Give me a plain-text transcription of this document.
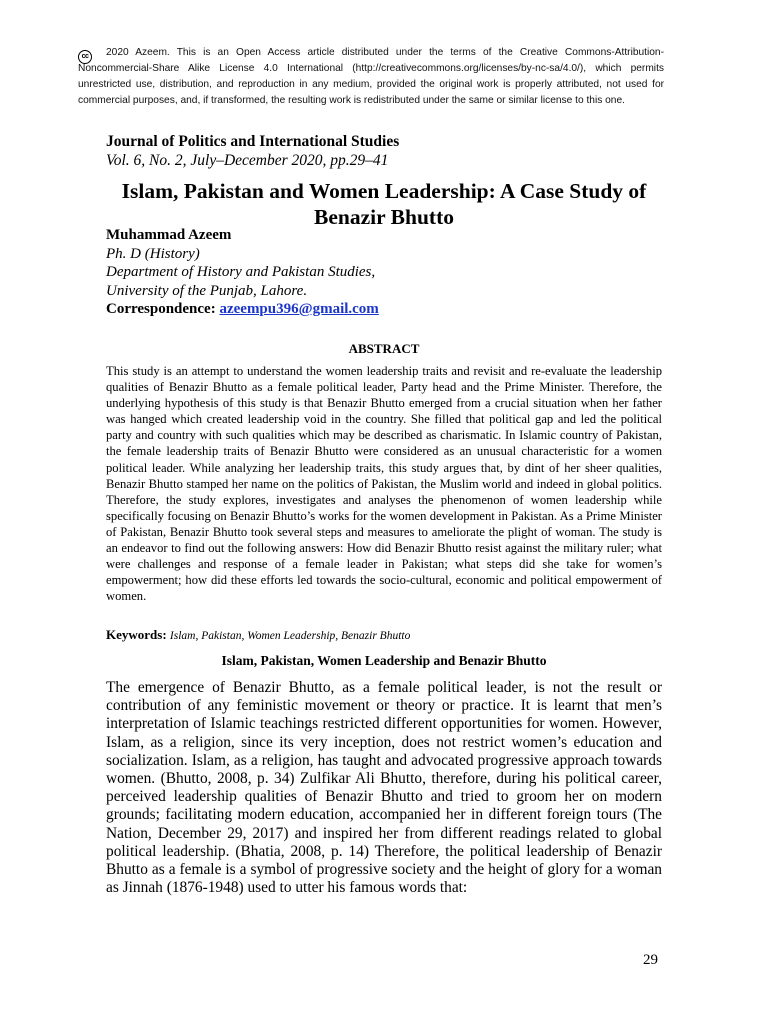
cc	2020 Azeem. This is an Open Access article distributed under the terms of the Creative Commons-Attribution-Noncommercial-Share Alike License 4.0 International (http://creativecommons.org/licenses/by-nc-sa/4.0/), which permits unrestricted use, distribution, and reproduction in any medium, provided the original work is properly attributed, not used for commercial purposes, and, if transformed, the resulting work is redistributed under the same or similar license to this one.
Journal of Politics and International Studies
Vol. 6, No. 2, July–December 2020, pp.29–41
Islam, Pakistan and Women Leadership: A Case Study of Benazir Bhutto
Muhammad Azeem
Ph. D (History)
Department of History and Pakistan Studies,
University of the Punjab, Lahore.
Correspondence: azeempu396@gmail.com
ABSTRACT
This study is an attempt to understand the women leadership traits and revisit and re-evaluate the leadership qualities of Benazir Bhutto as a female political leader, Party head and the Prime Minister. Therefore, the underlying hypothesis of this study is that Benazir Bhutto emerged from a crucial situation when her father was hanged which created leadership void in the country. She filled that political gap and led the political party and country with such qualities which may be described as charismatic. In Islamic country of Pakistan, the female leadership traits of Benazir Bhutto were considered as an unusual characteristic for a women political leader. While analyzing her leadership traits, this study argues that, by dint of her sheer qualities, Benazir Bhutto stamped her name on the politics of Pakistan, the Muslim world and indeed in global politics. Therefore, the study explores, investigates and analyses the phenomenon of women leadership while specifically focusing on Benazir Bhutto’s works for the women development in Pakistan. As a Prime Minister of Pakistan, Benazir Bhutto took several steps and measures to ameliorate the plight of woman. The study is an endeavor to find out the following answers: How did Benazir Bhutto resist against the military ruler; what were challenges and response of a female leader in Pakistan; what steps did she take for women’s empowerment; how did these efforts led towards the socio-cultural, economic and political empowerment of women.
Keywords: Islam, Pakistan, Women Leadership, Benazir Bhutto
Islam, Pakistan, Women Leadership and Benazir Bhutto
The emergence of Benazir Bhutto, as a female political leader, is not the result or contribution of any feministic movement or theory or practice. It is learnt that men’s interpretation of Islamic teachings restricted different opportunities for women. However, Islam, as a religion, since its very inception, does not restrict women’s education and socialization. Islam, as a religion, has taught and advocated progressive approach towards women. (Bhutto, 2008, p. 34) Zulfikar Ali Bhutto, therefore, during his political career, perceived leadership qualities of Benazir Bhutto and tried to groom her on modern grounds; facilitating modern education, accompanied her in different foreign tours (The Nation, December 29, 2017) and inspired her from different readings related to global political leadership. (Bhatia, 2008, p. 14) Therefore, the political leadership of Benazir Bhutto as a female is a symbol of progressive society and the height of glory for a woman as Jinnah (1876-1948) used to utter his famous words that:
29
